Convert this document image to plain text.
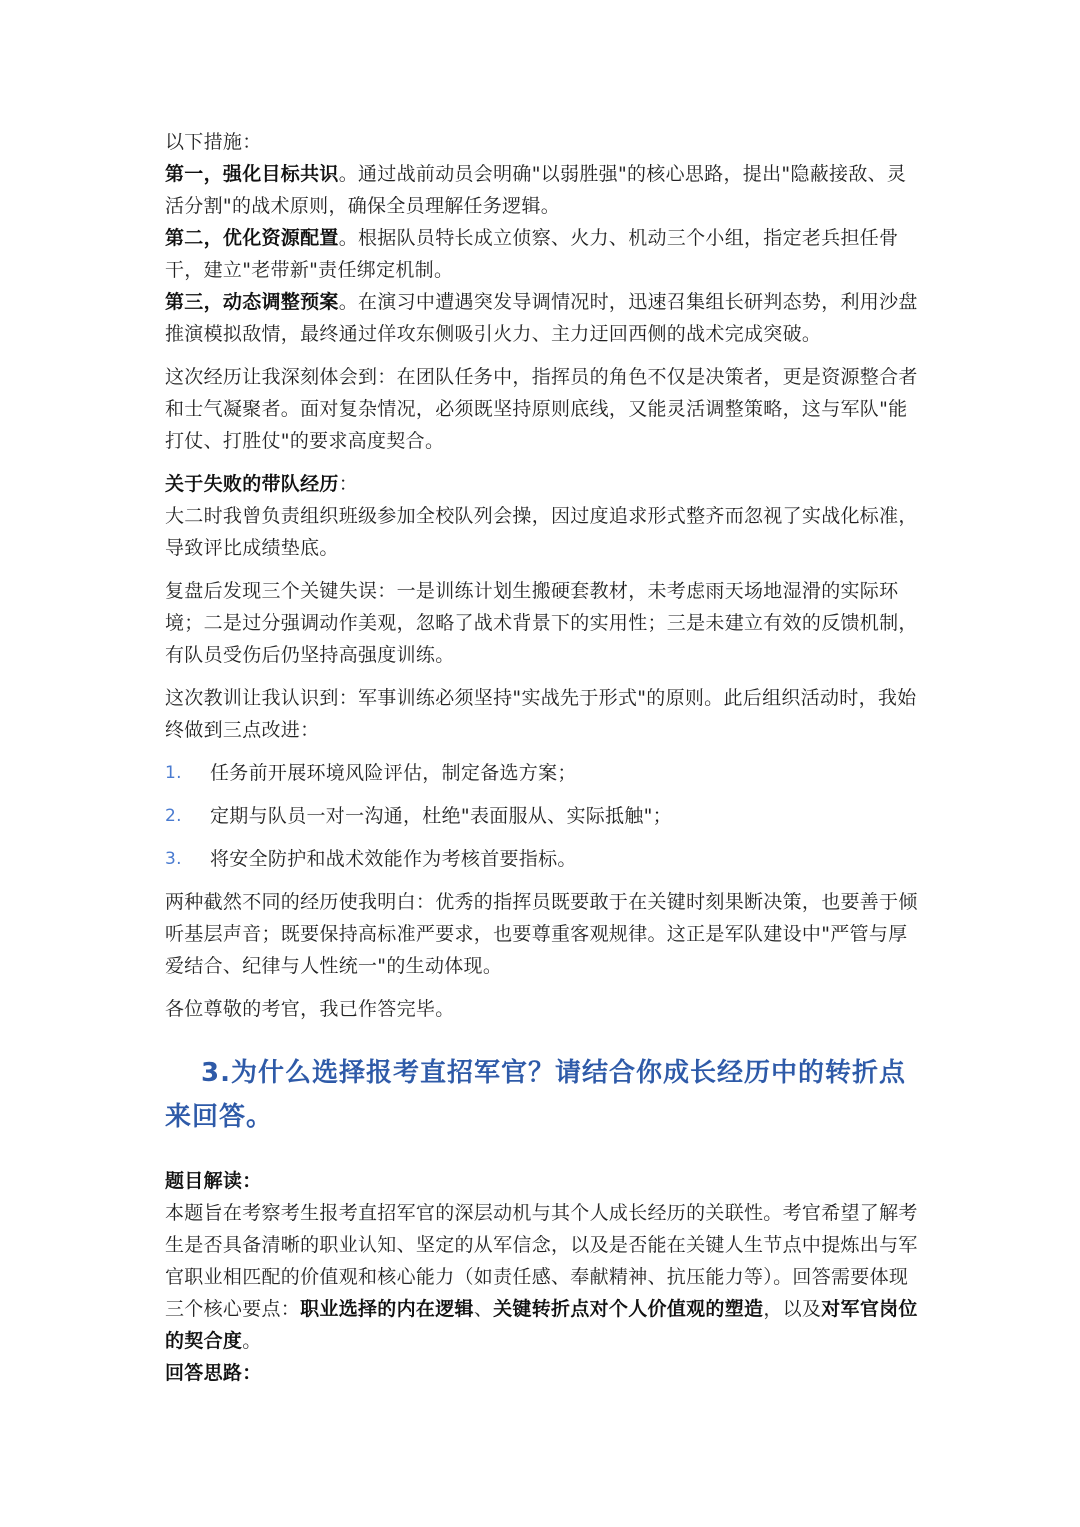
以下措施：

第一，强化目标共识。通过战前动员会明确"以弱胜强"的核心思路，提出"隐蔽接敌、灵活分割"的战术原则，确保全员理解任务逻辑。

第二，优化资源配置。根据队员特长成立侦察、火力、机动三个小组，指定老兵担任骨干，建立"老带新"责任绑定机制。

第三，动态调整预案。在演习中遭遇突发导调情况时，迅速召集组长研判态势，利用沙盘推演模拟敌情，最终通过佯攻东侧吸引火力、主力迂回西侧的战术完成突破。

这次经历让我深刻体会到：在团队任务中，指挥员的角色不仅是决策者，更是资源整合者和士气凝聚者。面对复杂情况，必须既坚持原则底线，又能灵活调整策略，这与军队"能打仗、打胜仗"的要求高度契合。

关于失败的带队经历：

大二时我曾负责组织班级参加全校队列会操，因过度追求形式整齐而忽视了实战化标准，导致评比成绩垫底。

复盘后发现三个关键失误：一是训练计划生搬硬套教材，未考虑雨天场地湿滑的实际环境；二是过分强调动作美观，忽略了战术背景下的实用性；三是未建立有效的反馈机制，有队员受伤后仍坚持高强度训练。

这次教训让我认识到：军事训练必须坚持"实战先于形式"的原则。此后组织活动时，我始终做到三点改进：

1.	任务前开展环境风险评估，制定备选方案；
2.	定期与队员一对一沟通，杜绝"表面服从、实际抵触"；
3.	将安全防护和战术效能作为考核首要指标。

两种截然不同的经历使我明白：优秀的指挥员既要敢于在关键时刻果断决策，也要善于倾听基层声音；既要保持高标准严要求，也要尊重客观规律。这正是军队建设中"严管与厚爱结合、纪律与人性统一"的生动体现。

各位尊敬的考官，我已作答完毕。

3.为什么选择报考直招军官？请结合你成长经历中的转折点来回答。

题目解读：

本题旨在考察考生报考直招军官的深层动机与其个人成长经历的关联性。考官希望了解考生是否具备清晰的职业认知、坚定的从军信念，以及是否能在关键人生节点中提炼出与军官职业相匹配的价值观和核心能力（如责任感、奉献精神、抗压能力等）。回答需要体现三个核心要点：职业选择的内在逻辑、关键转折点对个人价值观的塑造，以及对军官岗位的契合度。

回答思路：
